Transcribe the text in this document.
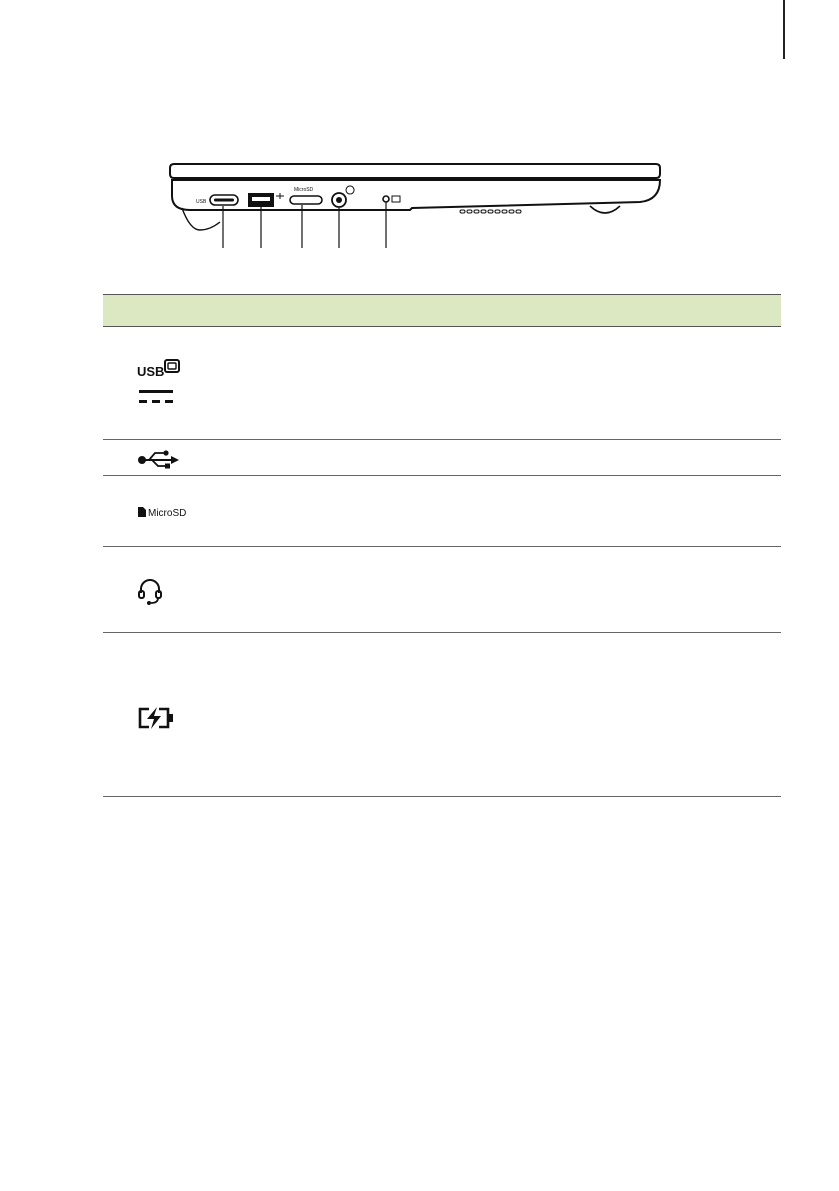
USB
MicroSD
USB
MicroSD
